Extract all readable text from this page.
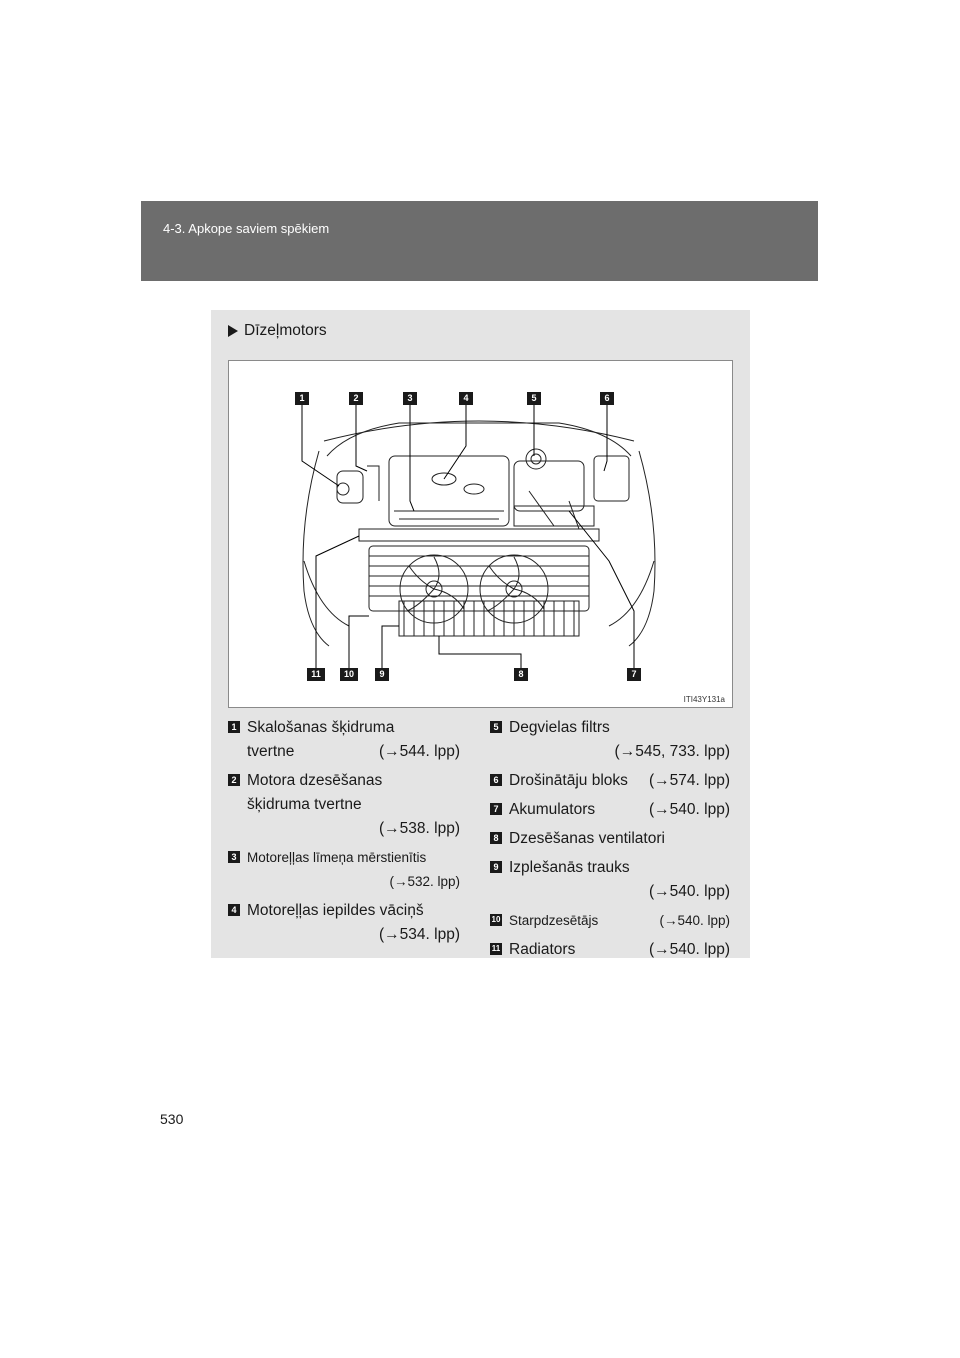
4-3. Apkope saviem spēkiem
Dīzeļmotors
1	2	3	4	5	6
11	10	9	8	7
ITI43Y131a
1 Skalošanas šķidruma
tvertne	(→544. lpp)
2 Motora dzesēšanas
šķidruma tvertne
(→538. lpp)
3 Motoreļļas līmeņa mērstienītis
(→532. lpp)
4 Motoreļļas iepildes vāciņš
(→534. lpp)
5 Degvielas filtrs
(→545, 733. lpp)
6 Drošinātāju bloks (→574. lpp)
7 Akumulators	(→540. lpp)
8 Dzesēšanas ventilatori
9 Izplešanās trauks
(→540. lpp)
10 Starpdzesētājs	(→540. lpp)
11 Radiators	(→540. lpp)
530
